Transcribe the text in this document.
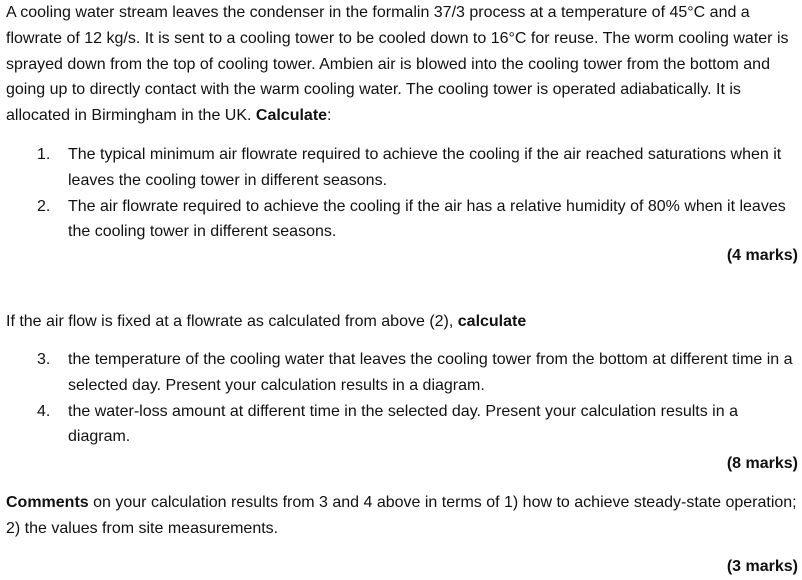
A cooling water stream leaves the condenser in the formalin 37/3 process at a temperature of 45°C and a flowrate of 12 kg/s. It is sent to a cooling tower to be cooled down to 16°C for reuse. The worm cooling water is sprayed down from the top of cooling tower. Ambien air is blowed into the cooling tower from the bottom and going up to directly contact with the warm cooling water. The cooling tower is operated adiabatically. It is allocated in Birmingham in the UK. Calculate:

1. The typical minimum air flowrate required to achieve the cooling if the air reached saturations when it leaves the cooling tower in different seasons.
2. The air flowrate required to achieve the cooling if the air has a relative humidity of 80% when it leaves the cooling tower in different seasons.
(4 marks)

If the air flow is fixed at a flowrate as calculated from above (2), calculate

3. the temperature of the cooling water that leaves the cooling tower from the bottom at different time in a selected day. Present your calculation results in a diagram.
4. the water-loss amount at different time in the selected day. Present your calculation results in a diagram.
(8 marks)

Comments on your calculation results from 3 and 4 above in terms of 1) how to achieve steady-state operation; 2) the values from site measurements.

(3 marks)
